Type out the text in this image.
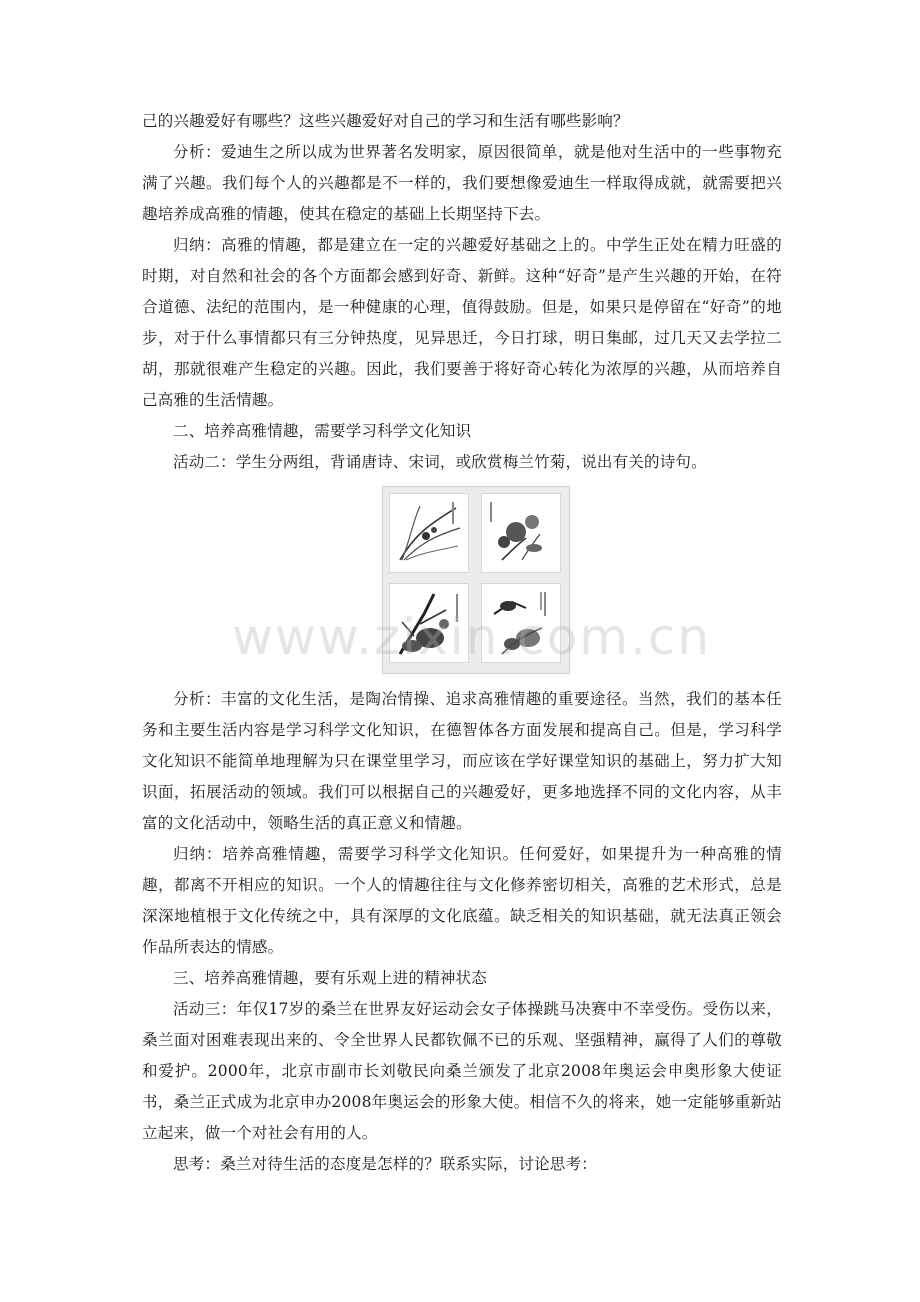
己的兴趣爱好有哪些？这些兴趣爱好对自己的学习和生活有哪些影响？

分析：爱迪生之所以成为世界著名发明家，原因很简单，就是他对生活中的一些事物充满了兴趣。我们每个人的兴趣都是不一样的，我们要想像爱迪生一样取得成就，就需要把兴趣培养成高雅的情趣，使其在稳定的基础上长期坚持下去。

归纳：高雅的情趣，都是建立在一定的兴趣爱好基础之上的。中学生正处在精力旺盛的时期，对自然和社会的各个方面都会感到好奇、新鲜。这种“好奇”是产生兴趣的开始，在符合道德、法纪的范围内，是一种健康的心理，值得鼓励。但是，如果只是停留在“好奇”的地步，对于什么事情都只有三分钟热度，见异思迁，今日打球，明日集邮，过几天又去学拉二胡，那就很难产生稳定的兴趣。因此，我们要善于将好奇心转化为浓厚的兴趣，从而培养自己高雅的生活情趣。

二、培养高雅情趣，需要学习科学文化知识

活动二：学生分两组，背诵唐诗、宋词，或欣赏梅兰竹菊，说出有关的诗句。

分析：丰富的文化生活，是陶冶情操、追求高雅情趣的重要途径。当然，我们的基本任务和主要生活内容是学习科学文化知识，在德智体各方面发展和提高自己。但是，学习科学文化知识不能简单地理解为只在课堂里学习，而应该在学好课堂知识的基础上，努力扩大知识面，拓展活动的领域。我们可以根据自己的兴趣爱好，更多地选择不同的文化内容，从丰富的文化活动中，领略生活的真正意义和情趣。

归纳：培养高雅情趣，需要学习科学文化知识。任何爱好，如果提升为一种高雅的情趣，都离不开相应的知识。一个人的情趣往往与文化修养密切相关，高雅的艺术形式，总是深深地植根于文化传统之中，具有深厚的文化底蕴。缺乏相关的知识基础，就无法真正领会作品所表达的情感。

三、培养高雅情趣，要有乐观上进的精神状态

活动三：年仅17岁的桑兰在世界友好运动会女子体操跳马决赛中不幸受伤。受伤以来，桑兰面对困难表现出来的、令全世界人民都钦佩不已的乐观、坚强精神，赢得了人们的尊敬和爱护。2000年，北京市副市长刘敬民向桑兰颁发了北京2008年奥运会申奥形象大使证书，桑兰正式成为北京申办2008年奥运会的形象大使。相信不久的将来，她一定能够重新站立起来，做一个对社会有用的人。

思考：桑兰对待生活的态度是怎样的？联系实际，讨论思考：

www.zixin.com.cn
